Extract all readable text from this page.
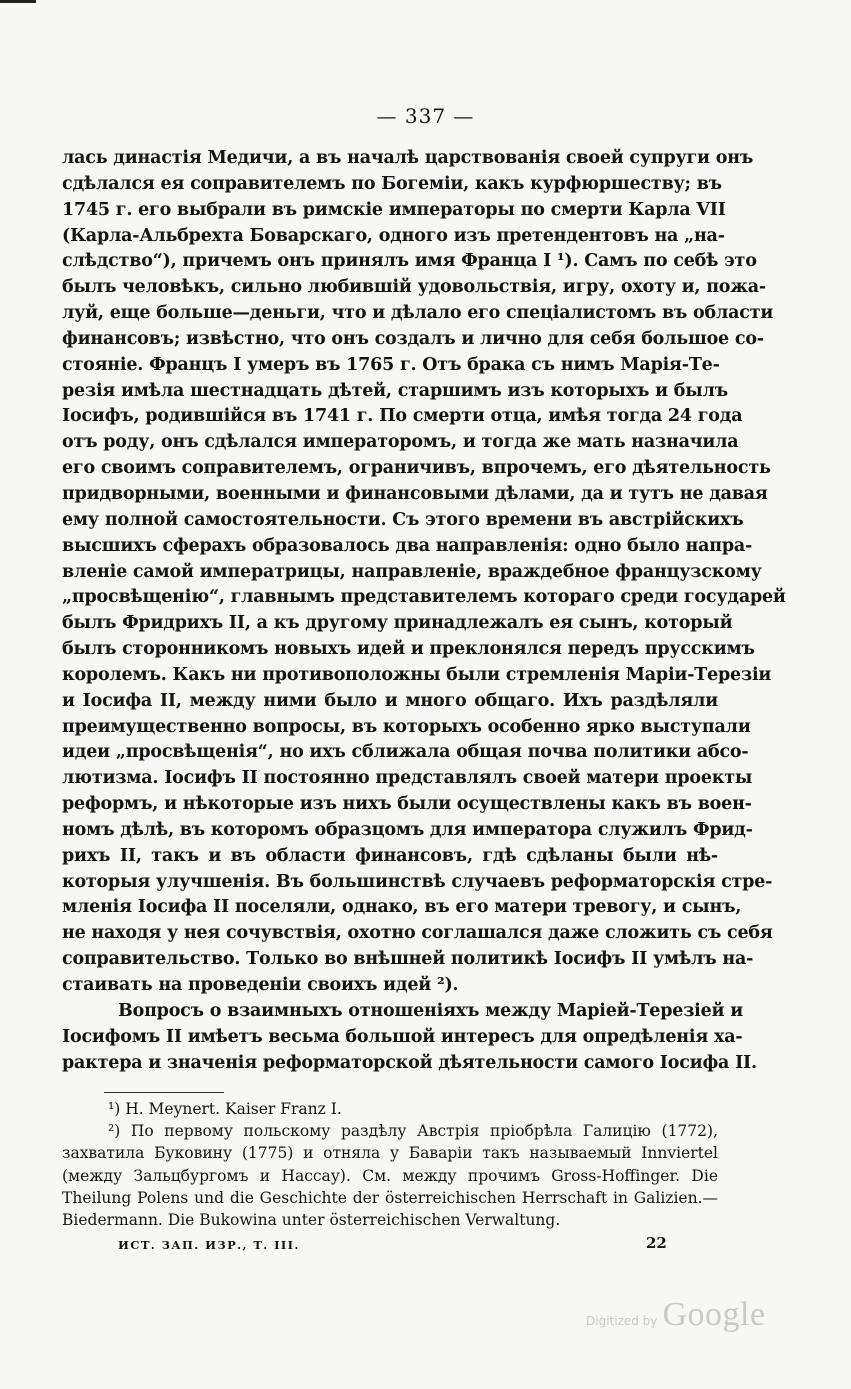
— 337 —
лась династія Медичи, а въ началѣ царствованія своей супруги онъ
сдѣлался ея соправителемъ по Богеміи, какъ курфюршеству; въ
1745 г. его выбрали въ римскіе императоры по смерти Карла VII
(Карла-Альбрехта Боварскаго, одного изъ претендентовъ на „на-
слѣдство“), причемъ онъ принялъ имя Франца I ¹). Самъ по себѣ это
былъ человѣкъ, сильно любившій удовольствія, игру, охоту и, пожа-
луй, еще больше—деньги, что и дѣлало его спеціалистомъ въ области
финансовъ; извѣстно, что онъ создалъ и лично для себя большое со-
стояніе. Францъ I умеръ въ 1765 г. Отъ брака съ нимъ Марія-Те-
резія имѣла шестнадцать дѣтей, старшимъ изъ которыхъ и былъ
Іосифъ, родившійся въ 1741 г. По смерти отца, имѣя тогда 24 года
отъ роду, онъ сдѣлался императоромъ, и тогда же мать назначила
его своимъ соправителемъ, ограничивъ, впрочемъ, его дѣятельность
придворными, военными и финансовыми дѣлами, да и тутъ не давая
ему полной самостоятельности. Съ этого времени въ австрійскихъ
высшихъ сферахъ образовалось два направленія: одно было напра-
вленіе самой императрицы, направленіе, враждебное французскому
„просвѣщенію“, главнымъ представителемъ котораго среди государей
былъ Фридрихъ II, а къ другому принадлежалъ ея сынъ, который
былъ сторонникомъ новыхъ идей и преклонялся передъ прусскимъ
королемъ. Какъ ни противоположны были стремленія Маріи-Терезіи
и Іосифа II, между ними было и много общаго. Ихъ раздѣляли
преимущественно вопросы, въ которыхъ особенно ярко выступали
идеи „просвѣщенія“, но ихъ сближала общая почва политики абсо-
лютизма. Іосифъ II постоянно представлялъ своей матери проекты
реформъ, и нѣкоторые изъ нихъ были осуществлены какъ въ воен-
номъ дѣлѣ, въ которомъ образцомъ для императора служилъ Фрид-
рихъ II, такъ и въ области финансовъ, гдѣ сдѣланы были нѣ-
которыя улучшенія. Въ большинствѣ случаевъ реформаторскія стре-
мленія Іосифа II поселяли, однако, въ его матери тревогу, и сынъ,
не находя у нея сочувствія, охотно соглашался даже сложить съ себя
соправительство. Только во внѣшней политикѣ Іосифъ II умѣлъ на-
стаивать на проведеніи своихъ идей ²).
Вопросъ о взаимныхъ отношеніяхъ между Маріей-Терезіей и
Іосифомъ II имѣетъ весьма большой интересъ для опредѣленія ха-
рактера и значенія реформаторской дѣятельности самого Іосифа II.
¹) H. Meynert. Kaiser Franz I.
²) По первому польскому раздѣлу Австрія пріобрѣла Галицію (1772),
захватила Буковину (1775) и отняла у Баваріи такъ называемый Innviertel
(между Зальцбургомъ и Нассау). См. между прочимъ Gross-Hoffinger. Die
Theilung Polens und die Geschichte der österreichischen Herrschaft in Galizien.—
Biedermann. Die Bukowina unter österreichischen Verwaltung.
ИСТ. ЗАП. ИЗР., Т. III.	22
Digitized by Google
